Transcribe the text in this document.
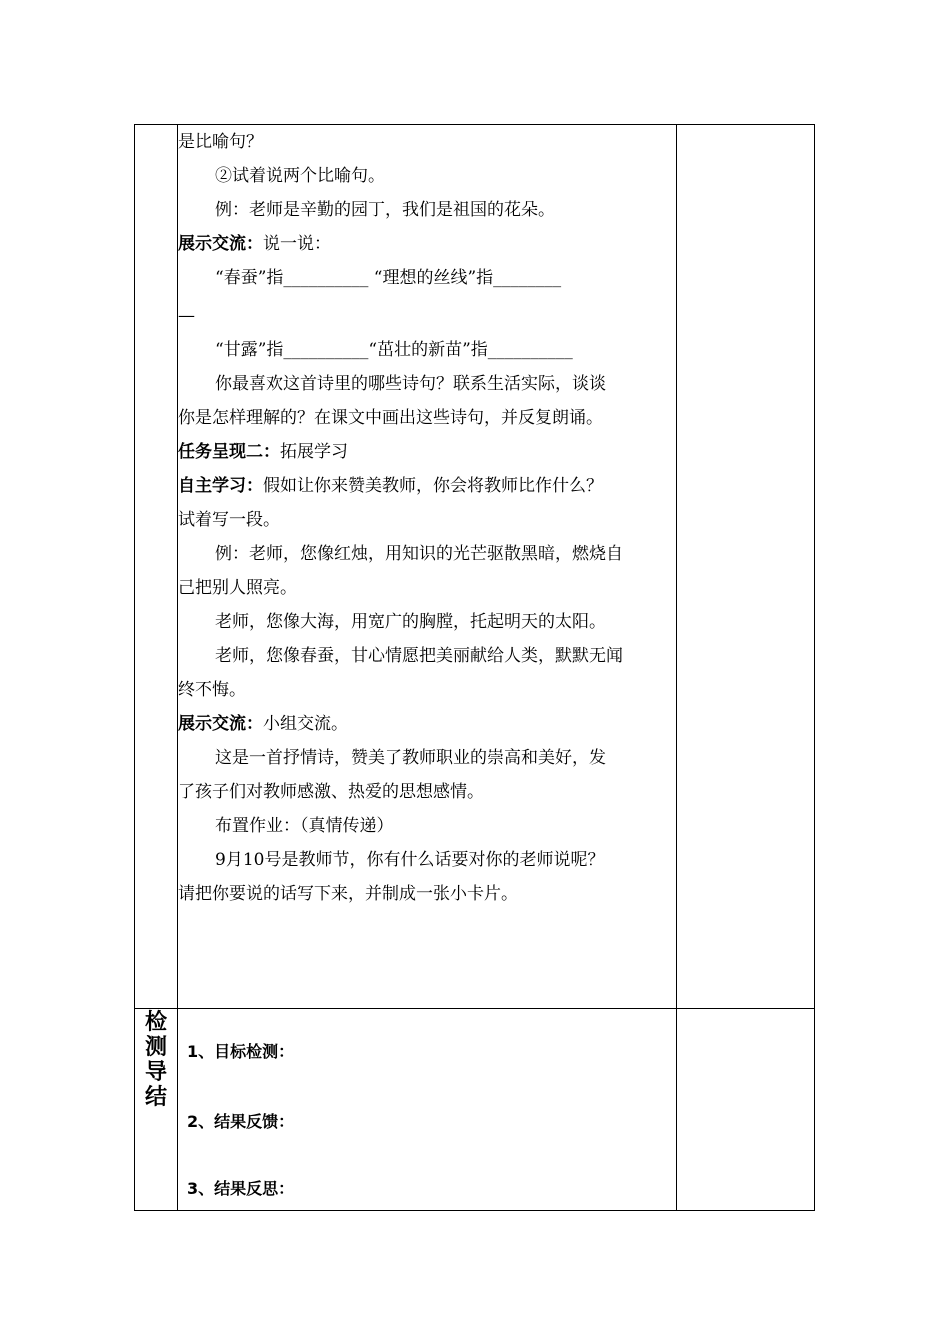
是比喻句？
②试着说两个比喻句。
例：老师是辛勤的园丁，我们是祖国的花朵。
展示交流：说一说：
“春蚕”指__________ “理想的丝线”指________
—
“甘露”指__________“茁壮的新苗”指__________
你最喜欢这首诗里的哪些诗句？联系生活实际，谈谈
你是怎样理解的？在课文中画出这些诗句，并反复朗诵。
任务呈现二：拓展学习
自主学习：假如让你来赞美教师，你会将教师比作什么？
试着写一段。
例：老师，您像红烛，用知识的光芒驱散黑暗，燃烧自
己把别人照亮。
老师，您像大海，用宽广的胸膛，托起明天的太阳。
老师，您像春蚕，甘心情愿把美丽献给人类，默默无闻
终不悔。
展示交流：小组交流。
这是一首抒情诗，赞美了教师职业的崇高和美好，发
了孩子们对教师感激、热爱的思想感情。
布置作业：（真情传递）
9月10号是教师节，你有什么话要对你的老师说呢？
请把你要说的话写下来，并制成一张小卡片。
检
测
导
结
1、目标检测：
2、结果反馈：
3、结果反思：
